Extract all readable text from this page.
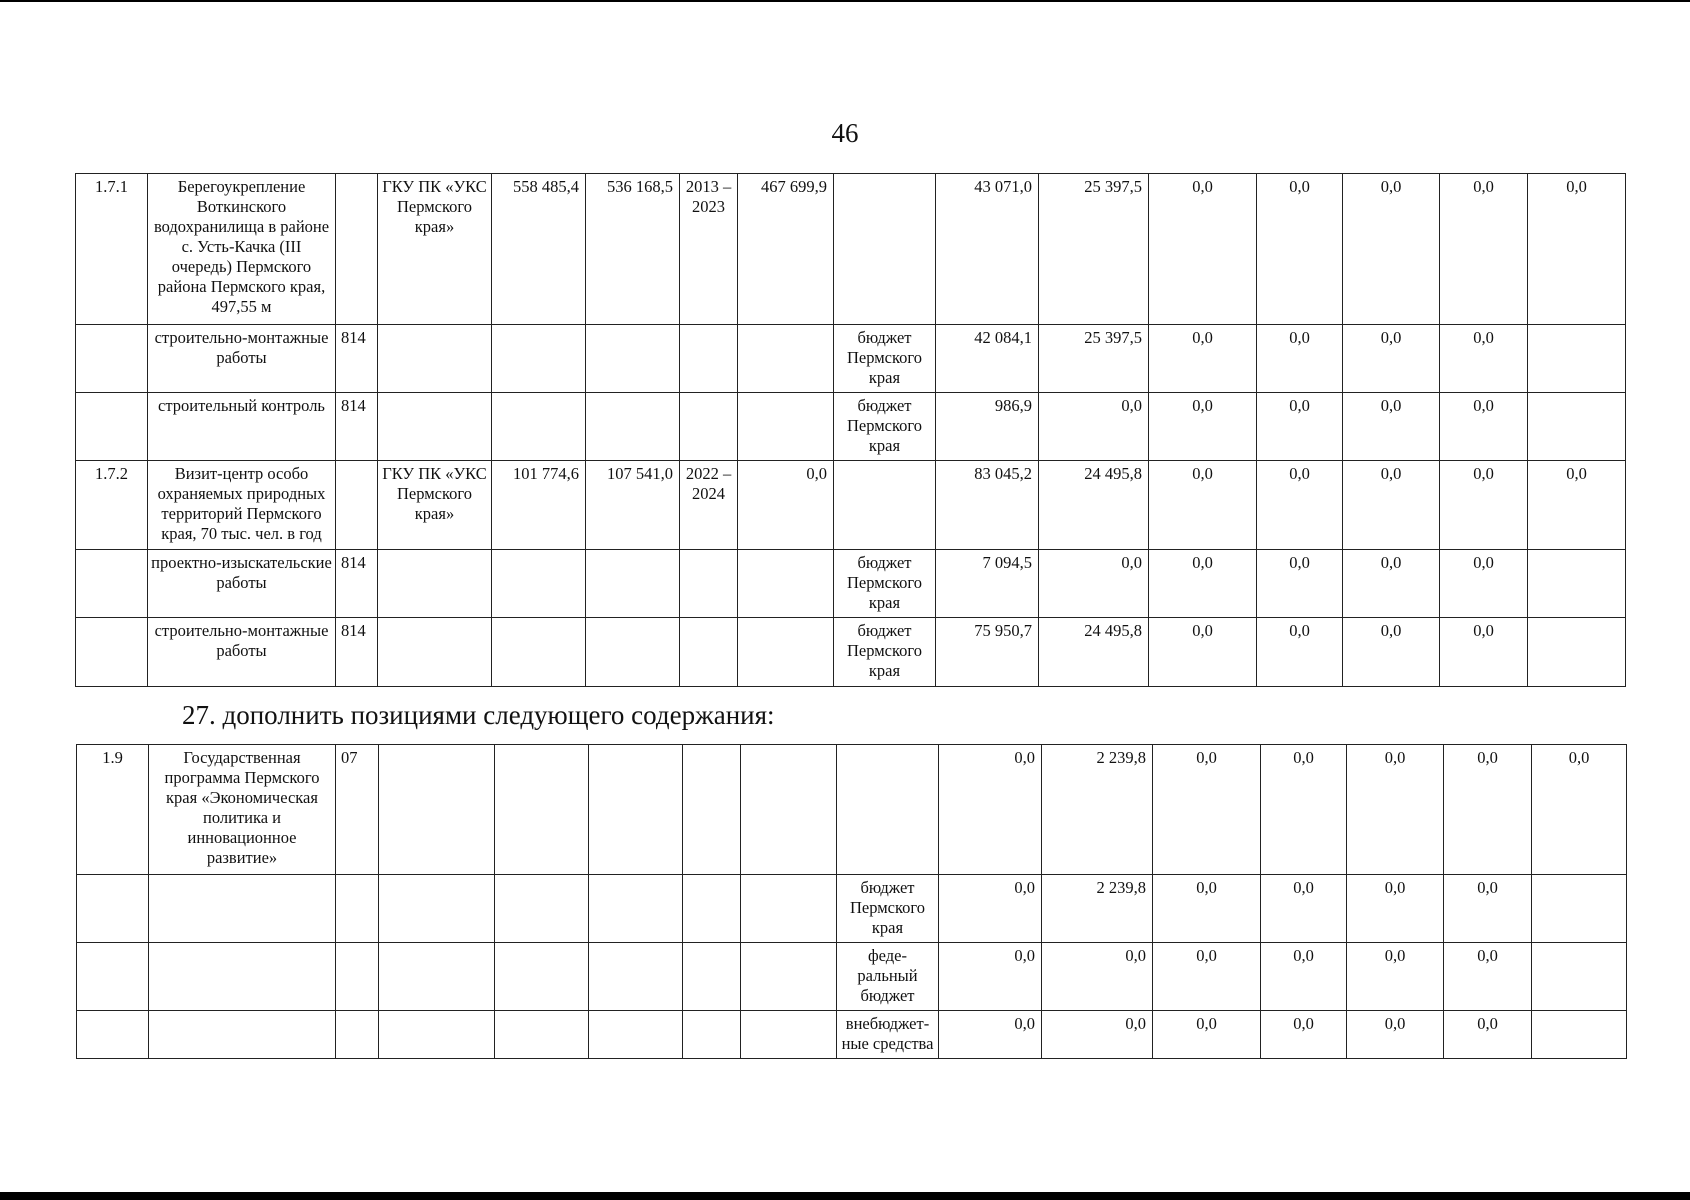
46
1.7.1	Берегоукрепление Воткинского водохранилища в районе с. Усть-Качка (III очередь) Пермского района Пермского края, 497,55 м		ГКУ ПК «УКС Пермского края»	558 485,4	536 168,5	2013 – 2023	467 699,9		43 071,0	25 397,5	0,0	0,0	0,0	0,0	0,0
	строительно-монтажные работы	814						бюджет Пермского края	42 084,1	25 397,5	0,0	0,0	0,0	0,0	
	строительный контроль	814						бюджет Пермского края	986,9	0,0	0,0	0,0	0,0	0,0	
1.7.2	Визит-центр особо охраняемых природных территорий Пермского края, 70 тыс. чел. в год		ГКУ ПК «УКС Пермского края»	101 774,6	107 541,0	2022 – 2024	0,0		83 045,2	24 495,8	0,0	0,0	0,0	0,0	0,0
	проектно-изыскательские работы	814						бюджет Пермского края	7 094,5	0,0	0,0	0,0	0,0	0,0	
	строительно-монтажные работы	814						бюджет Пермского края	75 950,7	24 495,8	0,0	0,0	0,0	0,0	
27. дополнить позициями следующего содержания:
1.9	Государственная программа Пермского края «Экономическая политика и инновационное развитие»	07							0,0	2 239,8	0,0	0,0	0,0	0,0	0,0
								бюджет Пермского края	0,0	2 239,8	0,0	0,0	0,0	0,0	
								феде-ральный бюджет	0,0	0,0	0,0	0,0	0,0	0,0	
								внебюджет-ные средства	0,0	0,0	0,0	0,0	0,0	0,0	
